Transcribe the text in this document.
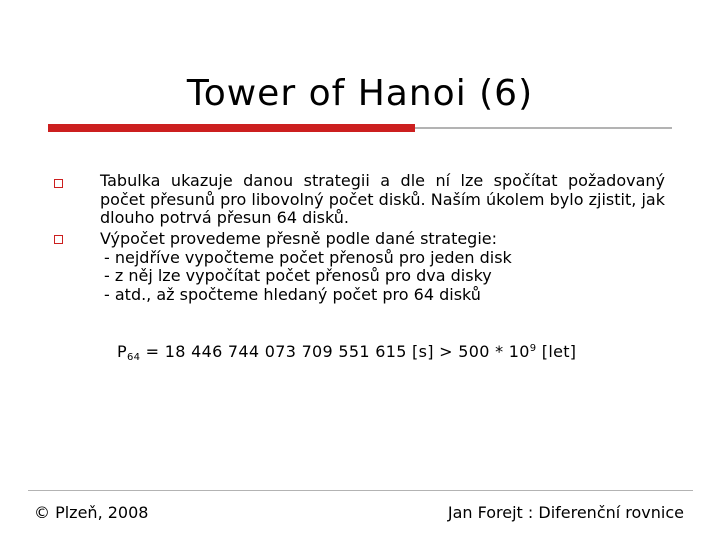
Tower of Hanoi (6)
Tabulka ukazuje danou strategii a dle ní lze spočítat požadovaný počet přesunů pro libovolný počet disků. Naším úkolem bylo zjistit, jak dlouho potrvá přesun 64 disků.
Výpočet provedeme přesně podle dané strategie:
- nejdříve vypočteme počet přenosů pro jeden disk
- z něj lze vypočítat počet přenosů pro dva disky
- atd., až spočteme hledaný počet pro 64 disků
$P_{64} = 18$ 446 744 073 709 551 615 $[s] > 500 * 10^9$ [let]
© Plzeň, 2008	Jan Forejt : Diferenční rovnice
